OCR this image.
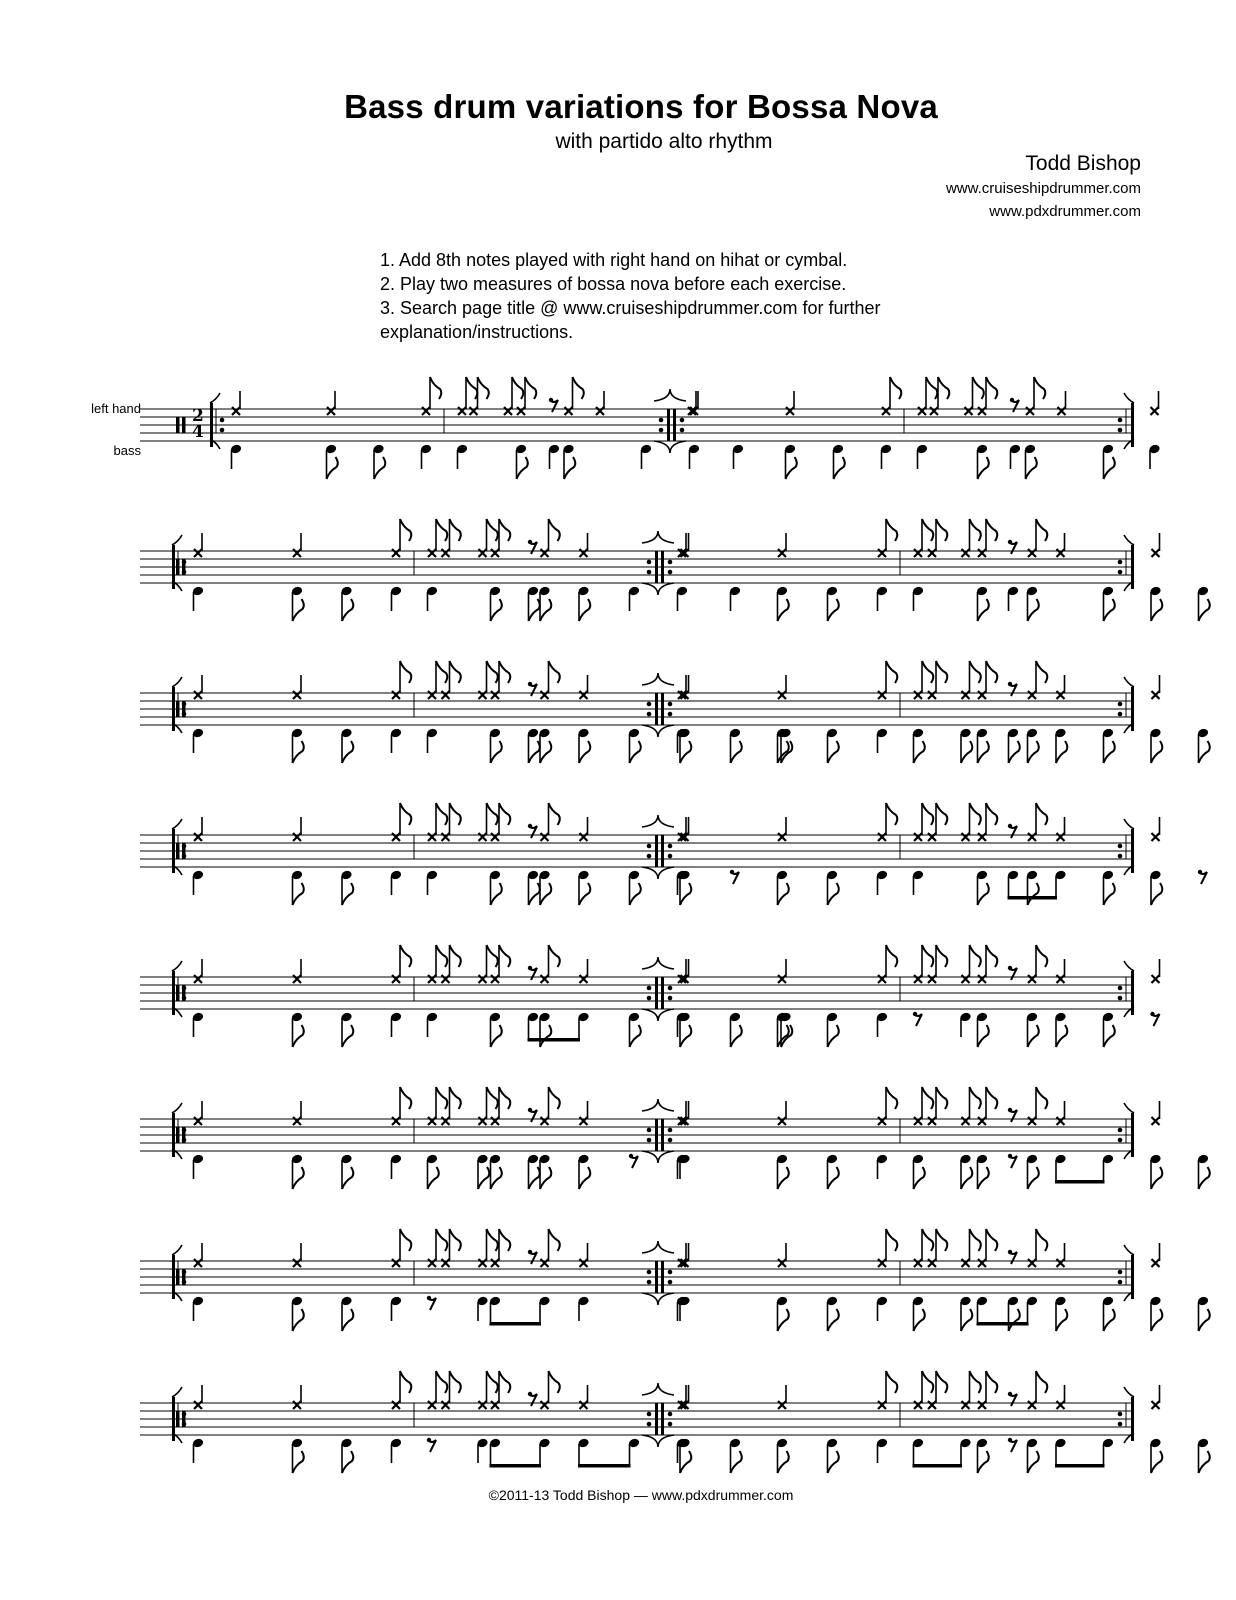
Bass drum variations for Bossa Nova
with partido alto rhythm
Todd Bishop
www.cruiseshipdrummer.com
www.pdxdrummer.com
1. Add 8th notes played with right hand on hihat or cymbal.
2. Play two measures of bossa nova before each exercise.
3. Search page title @ www.cruiseshipdrummer.com for further
explanation/instructions.
left hand
bass
2
4
©2011-13 Todd Bishop — www.pdxdrummer.com
